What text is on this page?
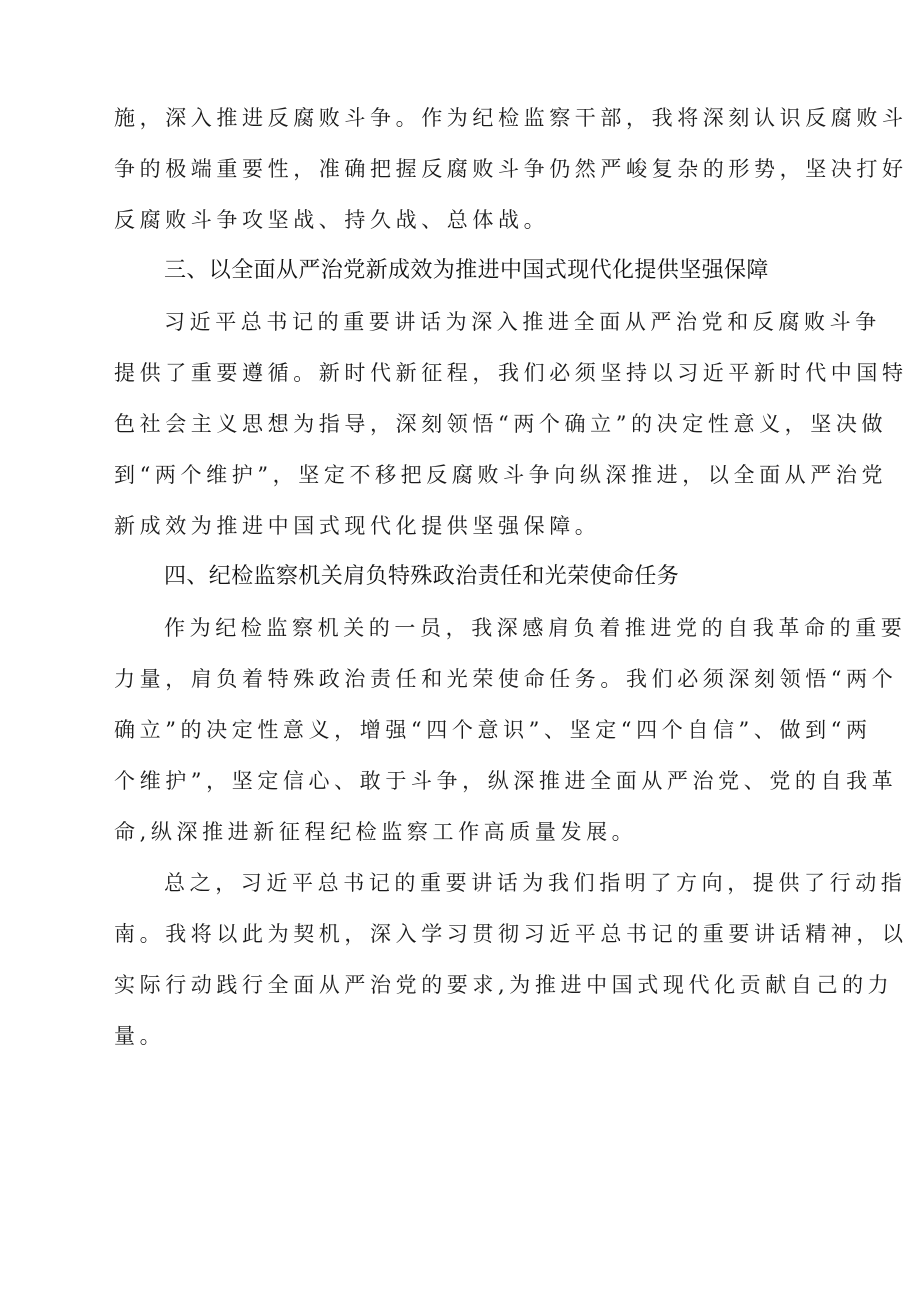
施，深入推进反腐败斗争。作为纪检监察干部，我将深刻认识反腐败斗
争的极端重要性，准确把握反腐败斗争仍然严峻复杂的形势，坚决打好
反腐败斗争攻坚战、持久战、总体战。
三、以全面从严治党新成效为推进中国式现代化提供坚强保障
习近平总书记的重要讲话为深入推进全面从严治党和反腐败斗争
提供了重要遵循。新时代新征程，我们必须坚持以习近平新时代中国特
色社会主义思想为指导，深刻领悟“两个确立”的决定性意义，坚决做
到“两个维护”，坚定不移把反腐败斗争向纵深推进，以全面从严治党
新成效为推进中国式现代化提供坚强保障。
四、纪检监察机关肩负特殊政治责任和光荣使命任务
作为纪检监察机关的一员，我深感肩负着推进党的自我革命的重要
力量，肩负着特殊政治责任和光荣使命任务。我们必须深刻领悟“两个
确立”的决定性意义，增强“四个意识”、坚定“四个自信”、做到“两
个维护”，坚定信心、敢于斗争，纵深推进全面从严治党、党的自我革
命,纵深推进新征程纪检监察工作高质量发展。
总之，习近平总书记的重要讲话为我们指明了方向，提供了行动指
南。我将以此为契机，深入学习贯彻习近平总书记的重要讲话精神，以
实际行动践行全面从严治党的要求,为推进中国式现代化贡献自己的力
量。
